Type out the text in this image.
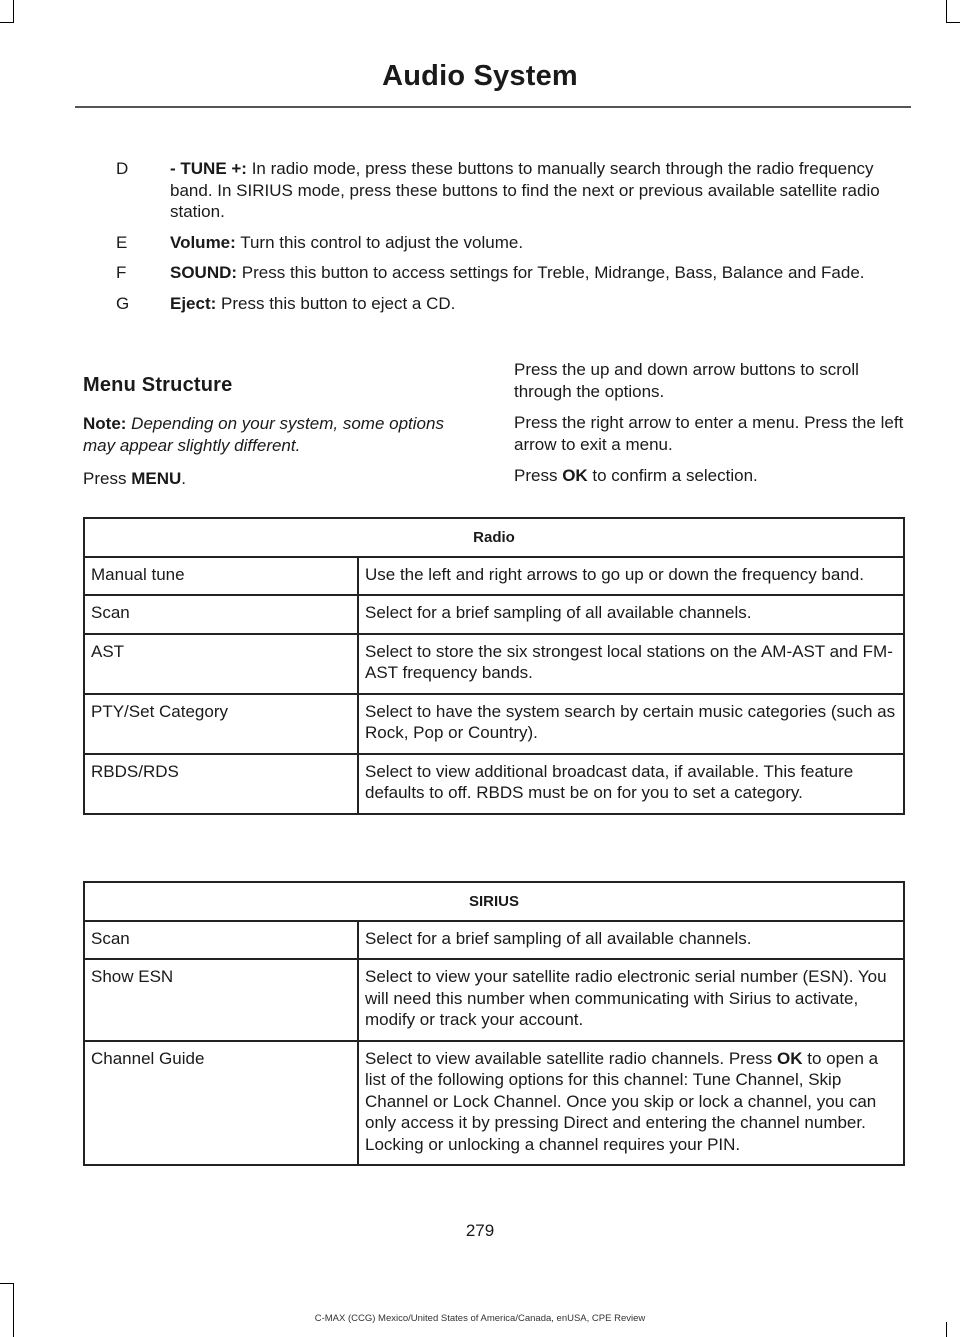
Audio System
D - TUNE +: In radio mode, press these buttons to manually search through the radio frequency band. In SIRIUS mode, press these buttons to find the next or previous available satellite radio station.
E	Volume: Turn this control to adjust the volume.
F	SOUND: Press this button to access settings for Treble, Midrange, Bass, Balance and Fade.
G Eject: Press this button to eject a CD.
Menu Structure
Note: Depending on your system, some options may appear slightly different.
Press MENU.

Press the up and down arrow buttons to scroll through the options.

Press the right arrow to enter a menu. Press the left arrow to exit a menu.

Press OK to confirm a selection.

Radio	
Manual tune	Use the left and right arrows to go up or down the frequency band.
Scan	Select for a brief sampling of all available channels.
AST	Select to store the six strongest local stations on the AM-AST and FM-AST frequency bands.
PTY/Set Category	Select to have the system search by certain music categories (such as Rock, Pop or Country).
RBDS/RDS	Select to view additional broadcast data, if available. This feature defaults to off. RBDS must be on for you to set a category.
SIRIUS	
Scan	Select for a brief sampling of all available channels.
Show ESN	Select to view your satellite radio electronic serial number (ESN). You will need this number when communicating with Sirius to activate, modify or track your account.
Channel Guide	Select to view available satellite radio channels. Press OK to open a list of the following options for this channel: Tune Channel, Skip Channel or Lock Channel. Once you skip or lock a channel, you can only access it by pressing Direct and entering the channel number. Locking or unlocking a channel requires your PIN.
279
C-MAX (CCG) Mexico/United States of America/Canada, enUSA, CPE Review
